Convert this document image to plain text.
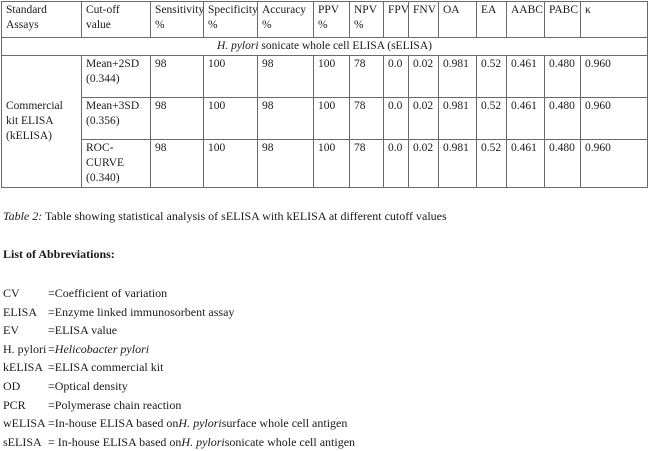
Standard Assays	Cut-off value	Sensitivity %	Specificity %	Accuracy %	PPV %	NPV %	FPV	FNV	OA	EA	AABC	PABC	κ
H. pylori sonicate whole cell ELISA (sELISA)													
Commercial kit ELISA (kELISA)	Mean+2SD (0.344)	98	100	98	100	78	0.0	0.02	0.981	0.52	0.461	0.480	0.960
	Mean+3SD (0.356)	98	100	98	100	78	0.0	0.02	0.981	0.52	0.461	0.480	0.960
	ROC-CURVE (0.340)	98	100	98	100	78	0.0	0.02	0.981	0.52	0.461	0.480	0.960
Table 2: Table showing statistical analysis of sELISA with kELISA at different cutoff values
List of Abbreviations:
CV =Coefficient of variation
ELISA =Enzyme linked immunosorbent assay
EV =ELISA value
H. pylori =Helicobacter pylori
kELISA =ELISA commercial kit
OD =Optical density
PCR =Polymerase chain reaction
wELISA =In-house ELISA based onH. pylorisurface whole cell antigen
sELISA = In-house ELISA based onH. pylorisonicate whole cell antigen
